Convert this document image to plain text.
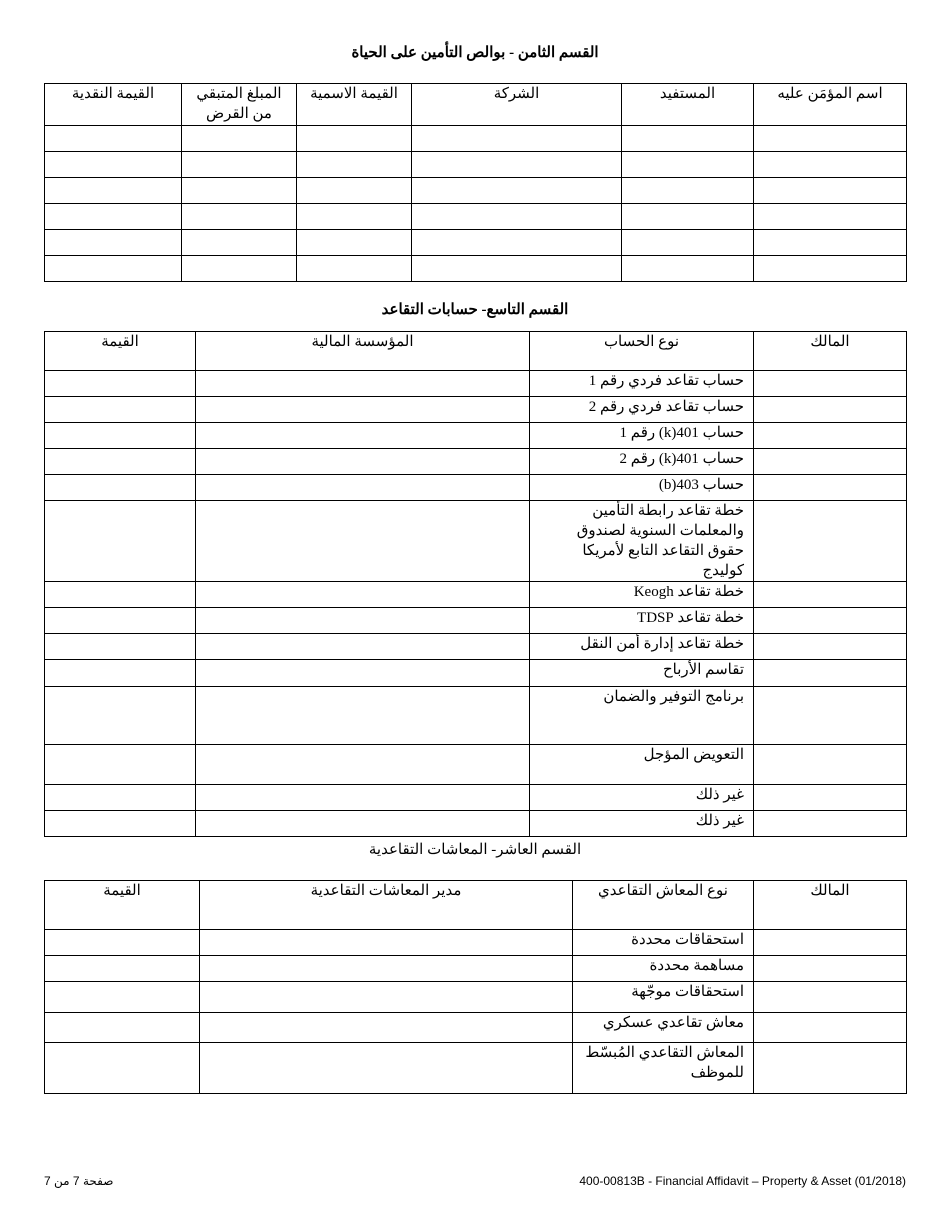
القسم الثامن - بوالص التأمين على الحياة
اسم المؤمَن عليه	المستفيد	الشركة	القيمة الاسمية	المبلغ المتبقي من القرض	القيمة النقدية

القسم التاسع- حسابات التقاعد
المالك	نوع الحساب	المؤسسة المالية	القيمة
	حساب تقاعد فردي رقم 1		
	حساب تقاعد فردي رقم 2		
	حساب 401(k) رقم 1		
	حساب 401(k) رقم 2		
	حساب 403(b)		
	خطة تقاعد رابطة التأمين والمعلمات السنوية لصندوق حقوق التقاعد التابع لأمريكا كوليدج		
	خطة تقاعد Keogh		
	خطة تقاعد TDSP		
	خطة تقاعد إدارة أمن النقل		
	تقاسم الأرباح		
	برنامج التوفير والضمان		
	التعويض المؤجل		
	غير ذلك		
	غير ذلك		
القسم العاشر- المعاشات التقاعدية
المالك	نوع المعاش التقاعدي	مدير المعاشات التقاعدية	القيمة
	استحقاقات محددة		
	مساهمة محددة		
	استحقاقات موجّهة		
	معاش تقاعدي عسكري		
	المعاش التقاعدي المُبسّط للموظف		
400-00813B - Financial Affidavit – Property & Asset (01/2018)
صفحة 7 من 7
